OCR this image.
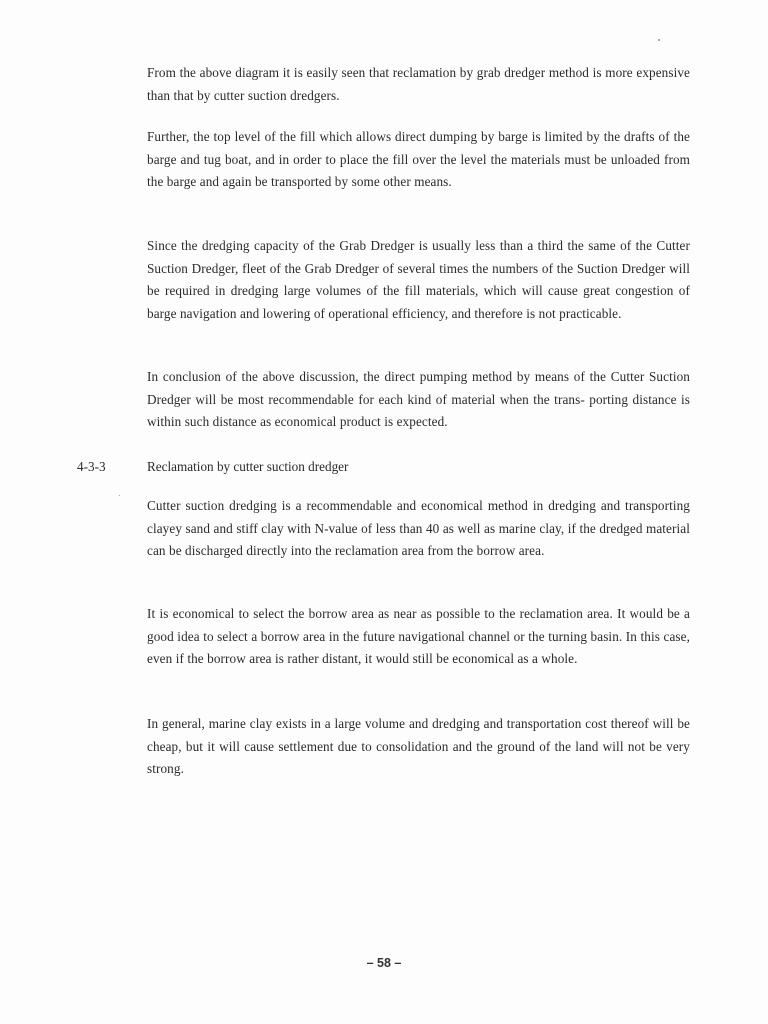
From the above diagram it is easily seen that reclamation by grab dredger method is more expensive than that by cutter suction dredgers.

Further, the top level of the fill which allows direct dumping by barge is limited by the drafts of the barge and tug boat, and in order to place the fill over the level the materials must be unloaded from the barge and again be transported by some other means.

Since the dredging capacity of the Grab Dredger is usually less than a third the same of the Cutter Suction Dredger, fleet of the Grab Dredger of several times the numbers of the Suction Dredger will be required in dredging large volumes of the fill materials, which will cause great congestion of barge navigation and lowering of operational efficiency, and therefore is not practicable.

In conclusion of the above discussion, the direct pumping method by means of the Cutter Suction Dredger will be most recommendable for each kind of material when the trans- porting distance is within such distance as economical product is expected.

4-3-3	Reclamation by cutter suction dredger

Cutter suction dredging is a recommendable and economical method in dredging and transporting clayey sand and stiff clay with N-value of less than 40 as well as marine clay, if the dredged material can be discharged directly into the reclamation area from the borrow area.

It is economical to select the borrow area as near as possible to the reclamation area. It would be a good idea to select a borrow area in the future navigational channel or the turning basin. In this case, even if the borrow area is rather distant, it would still be economical as a whole.

In general, marine clay exists in a large volume and dredging and transportation cost thereof will be cheap, but it will cause settlement due to consolidation and the ground of the land will not be very strong.

– 58 –
